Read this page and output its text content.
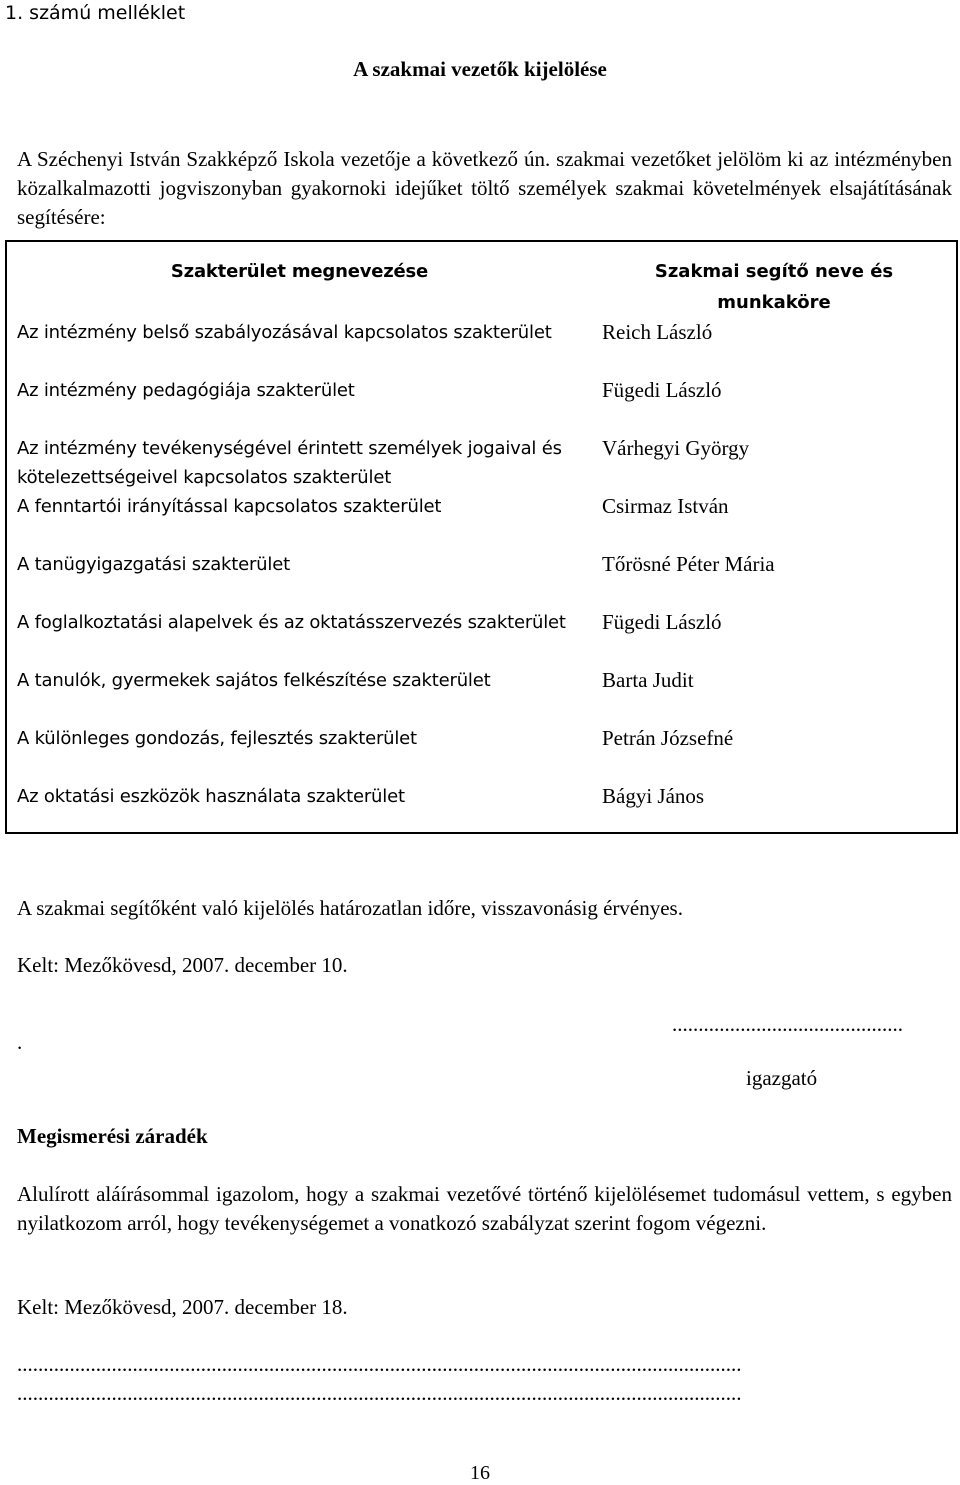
1. számú melléklet
A szakmai vezetők kijelölése
A Széchenyi István Szakképző Iskola vezetője a következő ún. szakmai vezetőket jelölöm ki az intézményben közalkalmazotti jogviszonyban gyakornoki idejűket töltő személyek szakmai követelmények elsajátításának segítésére:
Szakterület megnevezése	Szakmai segítő neve és munkaköre
Az intézmény belső szabályozásával kapcsolatos szakterület	Reich László
Az intézmény pedagógiája szakterület	Fügedi László
Az intézmény tevékenységével érintett személyek jogaival és kötelezettségeivel kapcsolatos szakterület	Várhegyi György
A fenntartói irányítással kapcsolatos szakterület	Csirmaz István
A tanügyigazgatási szakterület	Tőrösné Péter Mária
A foglalkoztatási alapelvek és az oktatásszervezés szakterület	Fügedi László
A tanulók, gyermekek sajátos felkészítése szakterület	Barta Judit
A különleges gondozás, fejlesztés szakterület	Petrán Józsefné
Az oktatási eszközök használata szakterület	Bágyi János
A szakmai segítőként való kijelölés határozatlan időre, visszavonásig érvényes.
Kelt: Mezőkövesd, 2007. december 10.
.
............................................
igazgató
Megismerési záradék
Alulírott aláírásommal igazolom, hogy a szakmai vezetővé történő kijelölésemet tudomásul vettem, s egyben nyilatkozom arról, hogy tevékenységemet a vonatkozó szabályzat szerint fogom végezni.
Kelt: Mezőkövesd, 2007. december 18.
..........................................................................................................................................
..........................................................................................................................................
16
